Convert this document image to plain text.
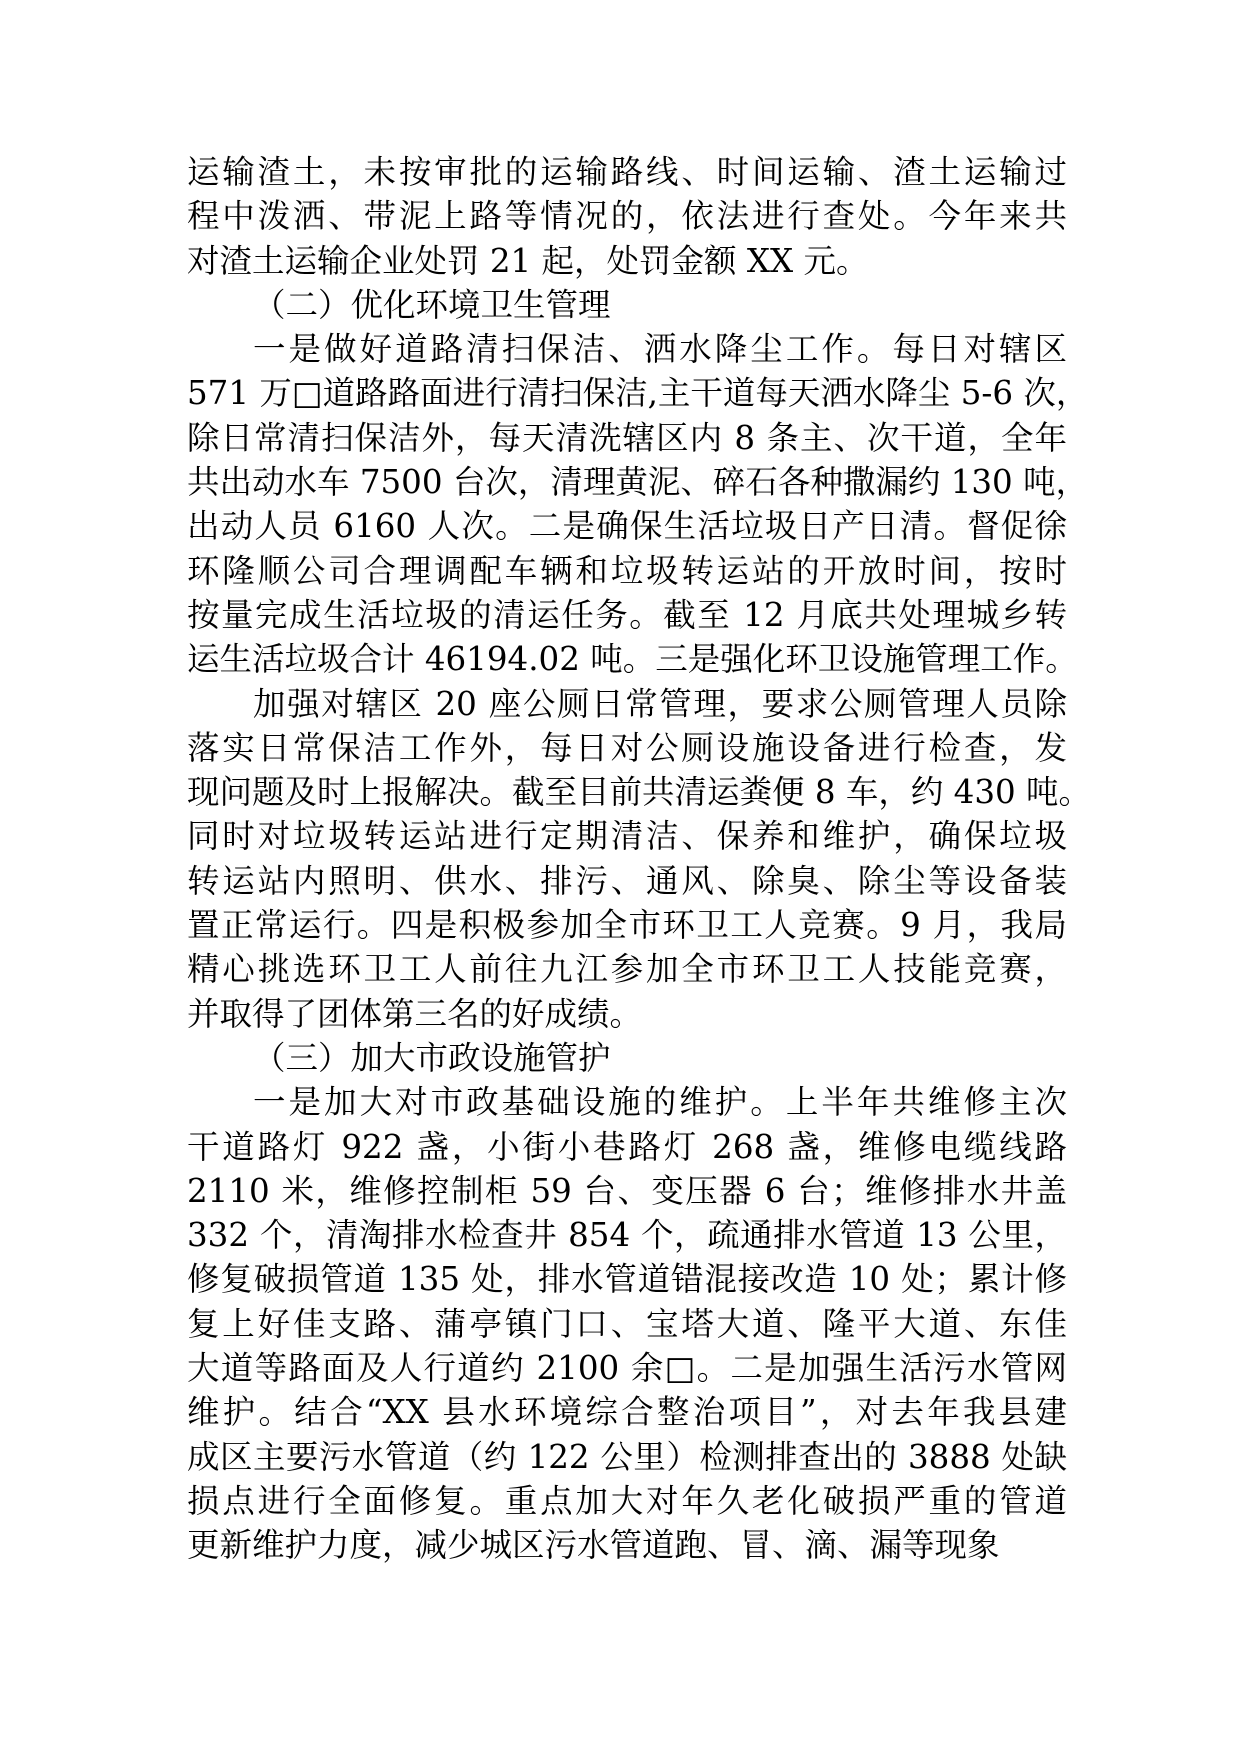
运输渣土，未按审批的运输路线、时间运输、渣土运输过
程中泼洒、带泥上路等情况的，依法进行查处。今年来共
对渣土运输企业处罚 21 起，处罚金额 XX 元。
（二）优化环境卫生管理
一是做好道路清扫保洁、洒水降尘工作。每日对辖区
571 万□道路路面进行清扫保洁,主干道每天洒水降尘 5-6 次，
除日常清扫保洁外，每天清洗辖区内 8 条主、次干道，全年
共出动水车 7500 台次，清理黄泥、碎石各种撒漏约 130 吨，
出动人员 6160 人次。二是确保生活垃圾日产日清。督促徐
环隆顺公司合理调配车辆和垃圾转运站的开放时间，按时
按量完成生活垃圾的清运任务。截至 12 月底共处理城乡转
运生活垃圾合计 46194.02 吨。三是强化环卫设施管理工作。
加强对辖区 20 座公厕日常管理，要求公厕管理人员除
落实日常保洁工作外，每日对公厕设施设备进行检查，发
现问题及时上报解决。截至目前共清运粪便 8 车，约 430 吨。
同时对垃圾转运站进行定期清洁、保养和维护，确保垃圾
转运站内照明、供水、排污、通风、除臭、除尘等设备装
置正常运行。四是积极参加全市环卫工人竞赛。9 月，我局
精心挑选环卫工人前往九江参加全市环卫工人技能竞赛，
并取得了团体第三名的好成绩。
（三）加大市政设施管护
一是加大对市政基础设施的维护。上半年共维修主次
干道路灯 922 盏，小街小巷路灯 268 盏，维修电缆线路
2110 米，维修控制柜 59 台、变压器 6 台；维修排水井盖
332 个，清淘排水检查井 854 个，疏通排水管道 13 公里，
修复破损管道 135 处，排水管道错混接改造 10 处；累计修
复上好佳支路、蒲亭镇门口、宝塔大道、隆平大道、东佳
大道等路面及人行道约 2100 余□。二是加强生活污水管网
维护。结合“XX 县水环境综合整治项目”，对去年我县建
成区主要污水管道（约 122 公里）检测排查出的 3888 处缺
损点进行全面修复。重点加大对年久老化破损严重的管道
更新维护力度，减少城区污水管道跑、冒、滴、漏等现象
